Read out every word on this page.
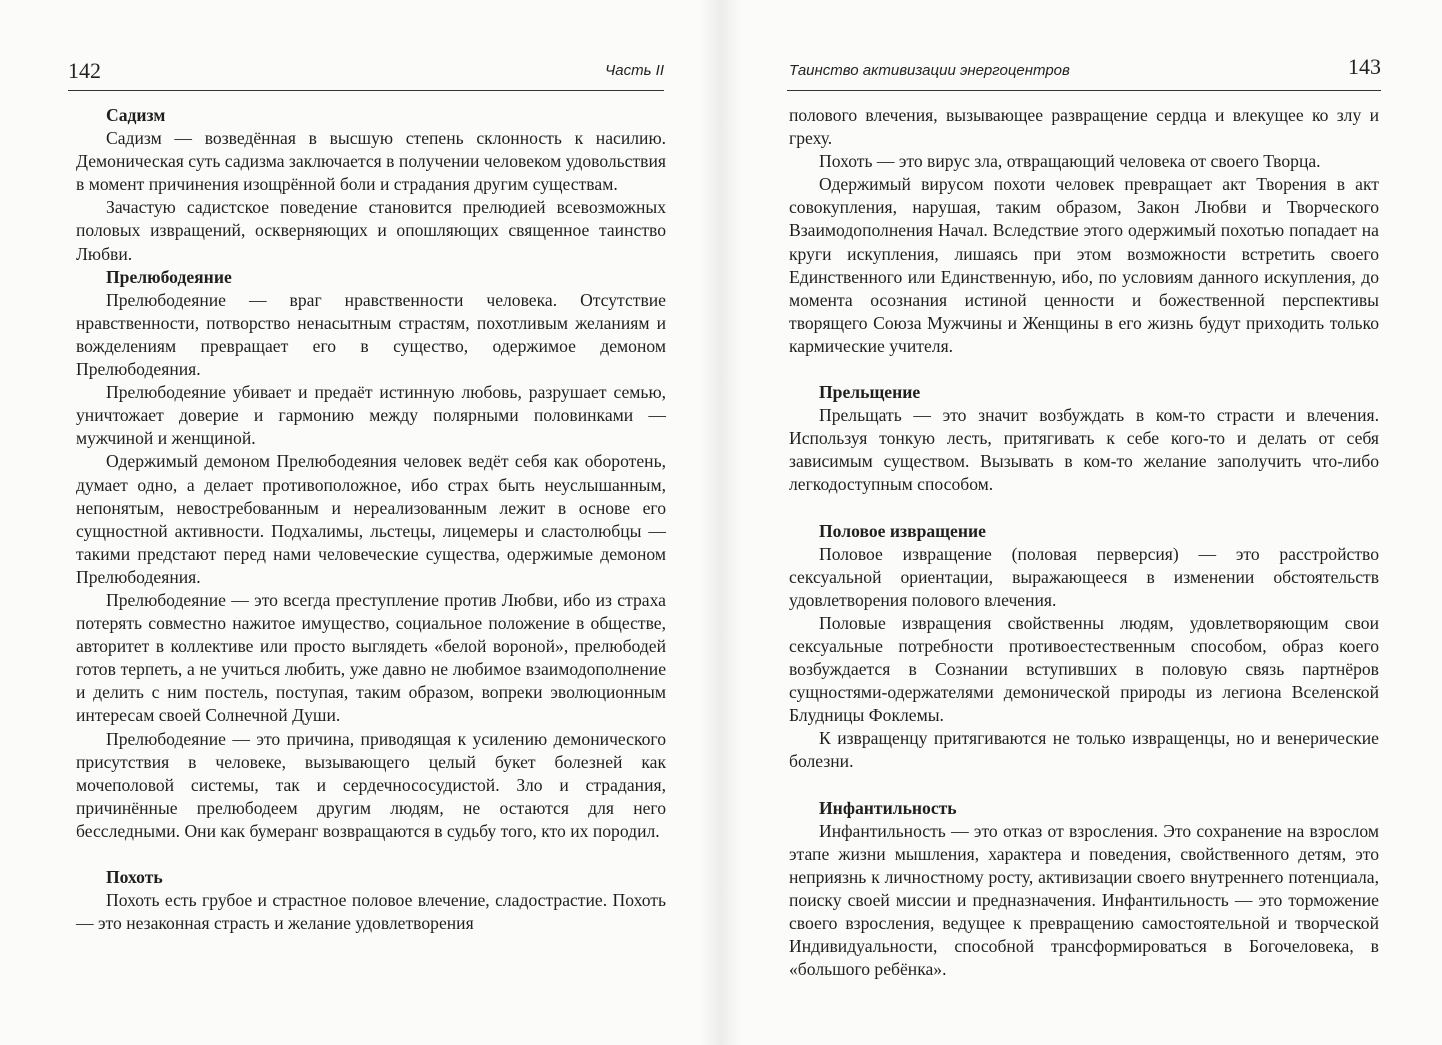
142	Часть II
Садизм

Садизм — возведённая в высшую степень склонность к насилию. Демоническая суть садизма заключается в получении человеком удовольствия в момент причинения изощрённой боли и страдания другим существам.

Зачастую садистское поведение становится прелюдией всевозможных половых извращений, оскверняющих и опошляющих священное таинство Любви.

Прелюбодеяние

Прелюбодеяние — враг нравственности человека. Отсутствие нравственности, потворство ненасытным страстям, похотливым желаниям и вожделениям превращает его в существо, одержимое демоном Прелюбодеяния.

Прелюбодеяние убивает и предаёт истинную любовь, разрушает семью, уничтожает доверие и гармонию между полярными половинками — мужчиной и женщиной.

Одержимый демоном Прелюбодеяния человек ведёт себя как оборотень, думает одно, а делает противоположное, ибо страх быть неуслышанным, непонятым, невостребованным и нереализованным лежит в основе его сущностной активности. Подхалимы, льстецы, лицемеры и сластолюбцы — такими предстают перед нами человеческие существа, одержимые демоном Прелюбодеяния.

Прелюбодеяние — это всегда преступление против Любви, ибо из страха потерять совместно нажитое имущество, социальное положение в обществе, авторитет в коллективе или просто выглядеть «белой вороной», прелюбодей готов терпеть, а не учиться любить, уже давно не любимое взаимодополнение и делить с ним постель, поступая, таким образом, вопреки эволюционным интересам своей Солнечной Души.

Прелюбодеяние — это причина, приводящая к усилению демонического присутствия в человеке, вызывающего целый букет болезней как мочеполовой системы, так и сердечнососудистой. Зло и страдания, причинённые прелюбодеем другим людям, не остаются для него бесследными. Они как бумеранг возвращаются в судьбу того, кто их породил.

Похоть

Похоть есть грубое и страстное половое влечение, сладострастие. Похоть — это незаконная страсть и желание удовлетворения

Таинство активизации энергоцентров	143

полового влечения, вызывающее развращение сердца и влекущее ко злу и греху.

Похоть — это вирус зла, отвращающий человека от своего Творца.

Одержимый вирусом похоти человек превращает акт Творения в акт совокупления, нарушая, таким образом, Закон Любви и Творческого Взаимодополнения Начал. Вследствие этого одержимый похотью попадает на круги искупления, лишаясь при этом возможности встретить своего Единственного или Единственную, ибо, по условиям данного искупления, до момента осознания истиной ценности и божественной перспективы творящего Союза Мужчины и Женщины в его жизнь будут приходить только кармические учителя.

Прельщение

Прельщать — это значит возбуждать в ком-то страсти и влечения. Используя тонкую лесть, притягивать к себе кого-то и делать от себя зависимым существом. Вызывать в ком-то желание заполучить что-либо легкодоступным способом.

Половое извращение

Половое извращение (половая перверсия) — это расстройство сексуальной ориентации, выражающееся в изменении обстоятельств удовлетворения полового влечения.

Половые извращения свойственны людям, удовлетворяющим свои сексуальные потребности противоестественным способом, образ коего возбуждается в Сознании вступивших в половую связь партнёров сущностями-одержателями демонической природы из легиона Вселенской Блудницы Фоклемы.

К извращенцу притягиваются не только извращенцы, но и венерические болезни.

Инфантильность

Инфантильность — это отказ от взросления. Это сохранение на взрослом этапе жизни мышления, характера и поведения, свойственного детям, это неприязнь к личностному росту, активизации своего внутреннего потенциала, поиску своей миссии и предназначения. Инфантильность — это торможение своего взросления, ведущее к превращению самостоятельной и творческой Индивидуальности, способной трансформироваться в Богочеловека, в «большого ребёнка».
